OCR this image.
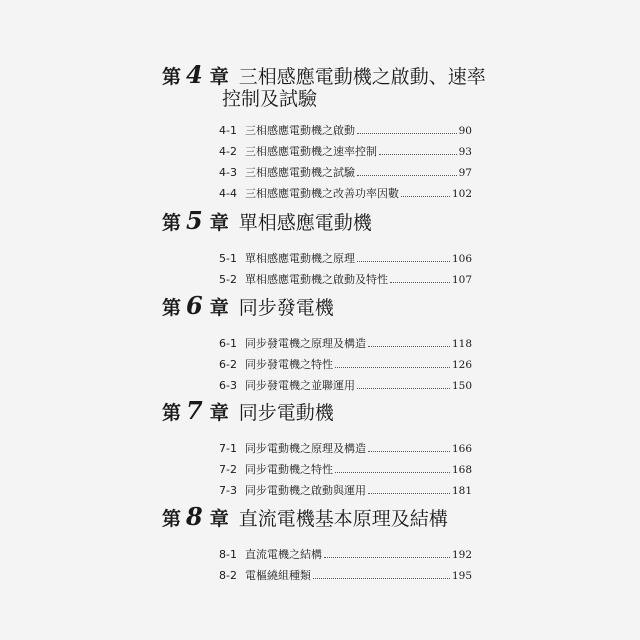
第 4 章 三相感應電動機之啟動、速率
控制及試驗
4-1 三相感應電動機之啟動	90
4-2 三相感應電動機之速率控制	93
4-3 三相感應電動機之試驗	97
4-4 三相感應電動機之改善功率因數	102
第 5 章 單相感應電動機
5-1 單相感應電動機之原理	106
5-2 單相感應電動機之啟動及特性	107
第 6 章 同步發電機
6-1 同步發電機之原理及構造	118
6-2 同步發電機之特性	126
6-3 同步發電機之並聯運用	150
第 7 章 同步電動機
7-1 同步電動機之原理及構造	166
7-2 同步電動機之特性	168
7-3 同步電動機之啟動與運用	181
第 8 章 直流電機基本原理及結構
8-1 直流電機之結構	192
8-2 電樞繞組種類	195
